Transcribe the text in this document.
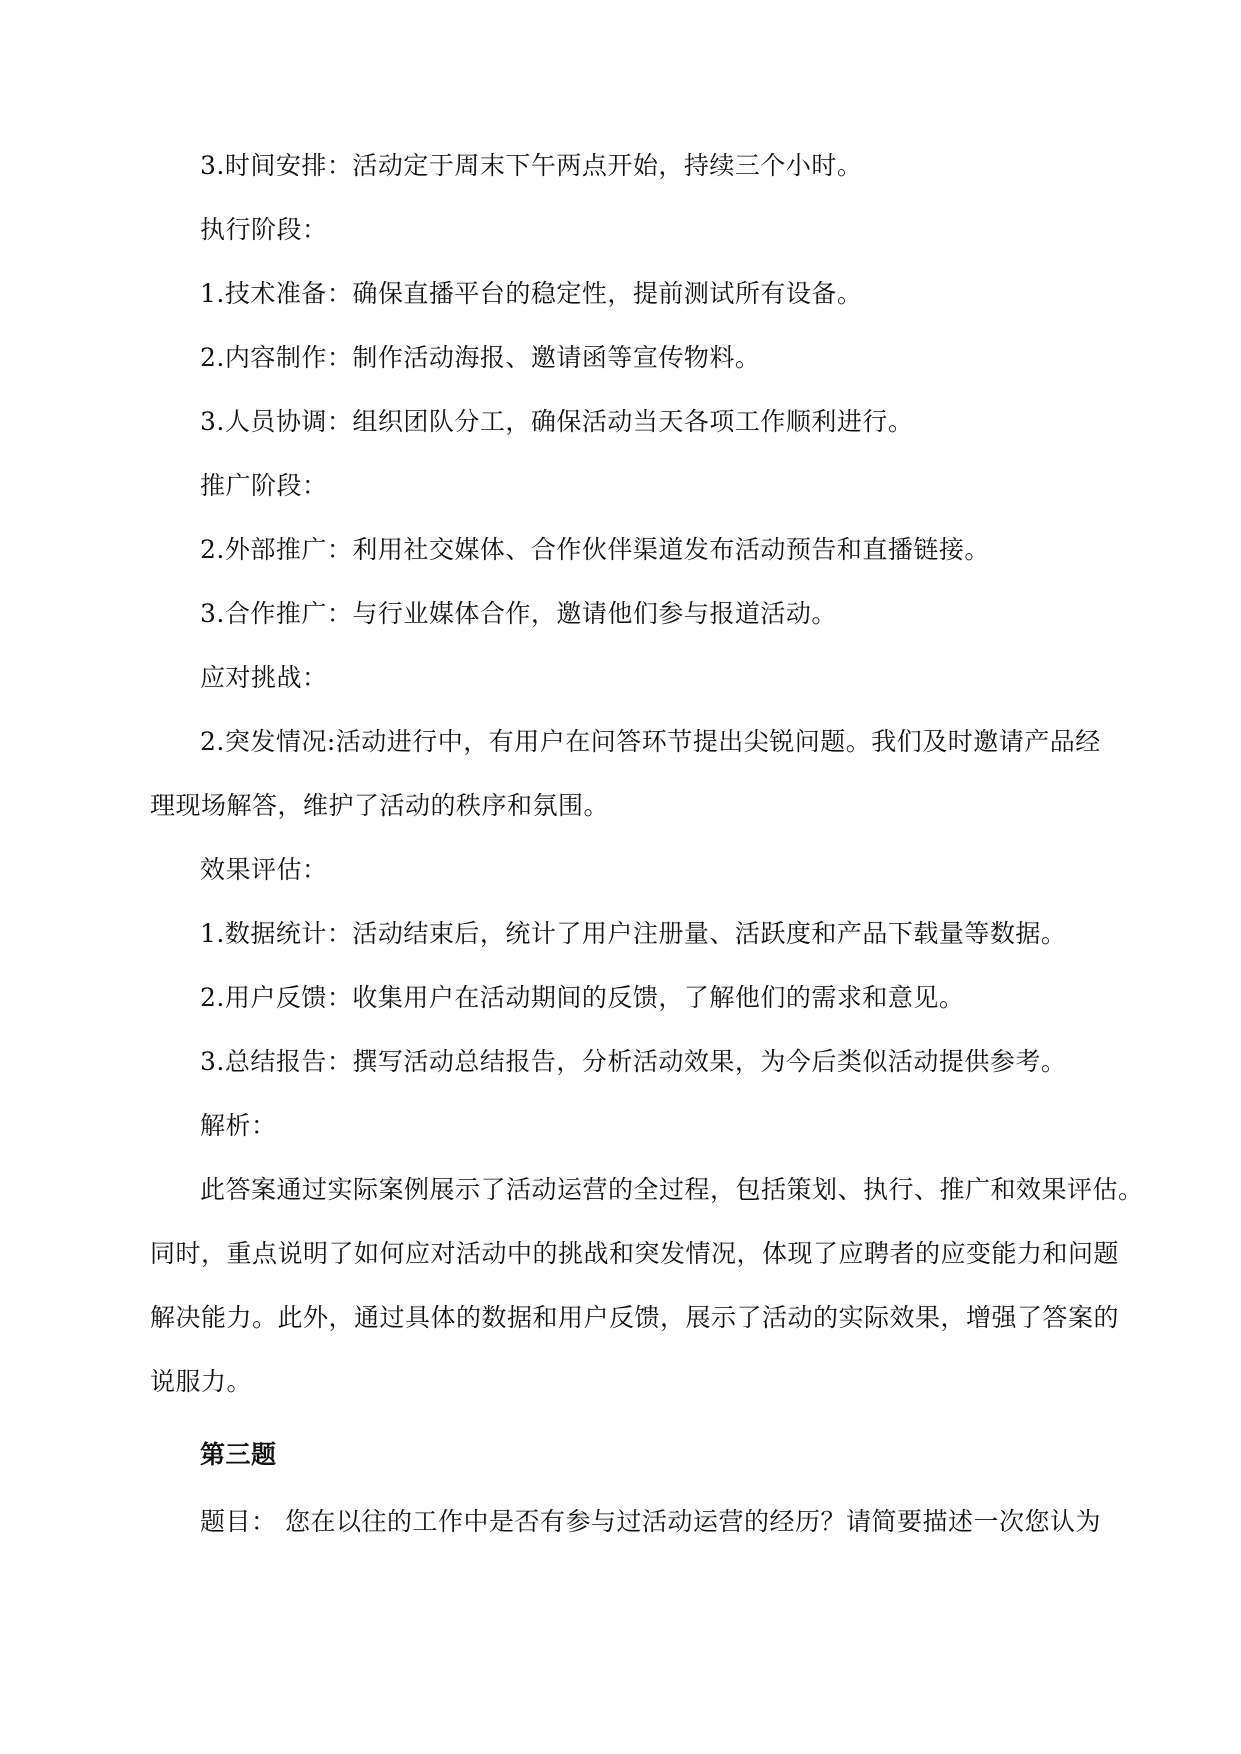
3.时间安排：活动定于周末下午两点开始，持续三个小时。
执行阶段：
1.技术准备：确保直播平台的稳定性，提前测试所有设备。
2.内容制作：制作活动海报、邀请函等宣传物料。
3.人员协调：组织团队分工，确保活动当天各项工作顺利进行。
推广阶段：
2.外部推广：利用社交媒体、合作伙伴渠道发布活动预告和直播链接。
3.合作推广：与行业媒体合作，邀请他们参与报道活动。
应对挑战：
2.突发情况:活动进行中，有用户在问答环节提出尖锐问题。我们及时邀请产品经
理现场解答，维护了活动的秩序和氛围。
效果评估：
1.数据统计：活动结束后，统计了用户注册量、活跃度和产品下载量等数据。
2.用户反馈：收集用户在活动期间的反馈，了解他们的需求和意见。
3.总结报告：撰写活动总结报告，分析活动效果，为今后类似活动提供参考。
解析：
此答案通过实际案例展示了活动运营的全过程，包括策划、执行、推广和效果评估。
同时，重点说明了如何应对活动中的挑战和突发情况，体现了应聘者的应变能力和问题
解决能力。此外，通过具体的数据和用户反馈，展示了活动的实际效果，增强了答案的
说服力。
第三题
题目： 您在以往的工作中是否有参与过活动运营的经历？请简要描述一次您认为
